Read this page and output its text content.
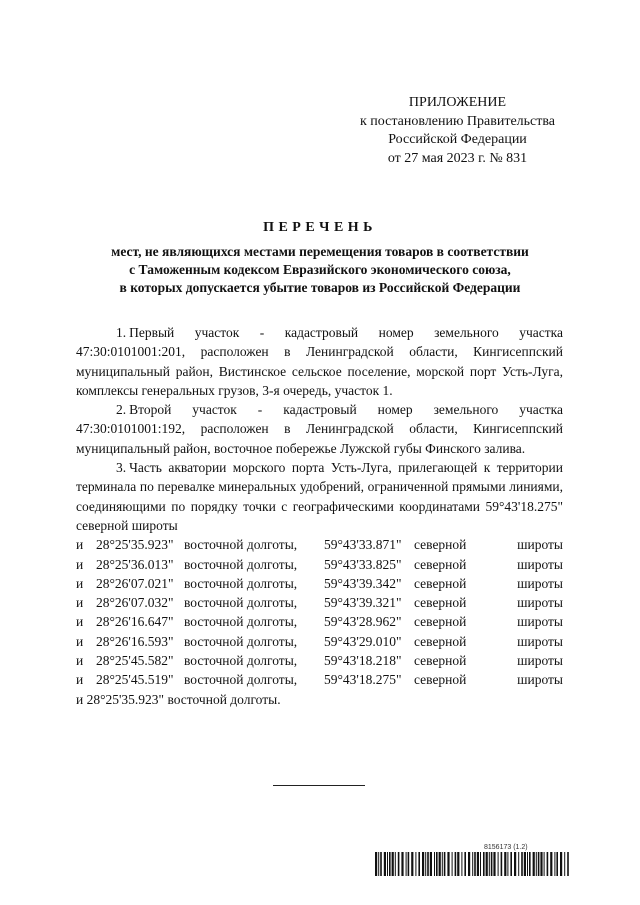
ПРИЛОЖЕНИЕ
к постановлению Правительства
Российской Федерации
от 27 мая 2023 г. № 831
ПЕРЕЧЕНЬ
мест, не являющихся местами перемещения товаров в соответствии
с Таможенным кодексом Евразийского экономического союза,
в которых допускается убытие товаров из Российской Федерации

1. Первый участок - кадастровый номер земельного участка 47:30:0101001:201, расположен в Ленинградской области, Кингисеппский муниципальный район, Вистинское сельское поселение, морской порт Усть-Луга, комплексы генеральных грузов, 3-я очередь, участок 1.

2. Второй участок - кадастровый номер земельного участка 47:30:0101001:192, расположен в Ленинградской области, Кингисеппский муниципальный район, восточное побережье Лужской губы Финского залива.

3. Часть акватории морского порта Усть-Луга, прилегающей к территории терминала по перевалке минеральных удобрений, ограниченной прямыми линиями, соединяющими по порядку точки с географическими координатами 59°43'18.275" северной широты

и	28°25'35.923"	восточной долготы,	59°43'33.871"	северной	широты
и	28°25'36.013"	восточной долготы,	59°43'33.825"	северной	широты
и	28°26'07.021"	восточной долготы,	59°43'39.342"	северной	широты
и	28°26'07.032"	восточной долготы,	59°43'39.321"	северной	широты
и	28°26'16.647"	восточной долготы,	59°43'28.962"	северной	широты
и	28°26'16.593"	восточной долготы,	59°43'29.010"	северной	широты
и	28°25'45.582"	восточной долготы,	59°43'18.218"	северной	широты
и	28°25'45.519"	восточной долготы,	59°43'18.275"	северной	широты
и 28°25'35.923" восточной долготы.
8156173 (1.2)
